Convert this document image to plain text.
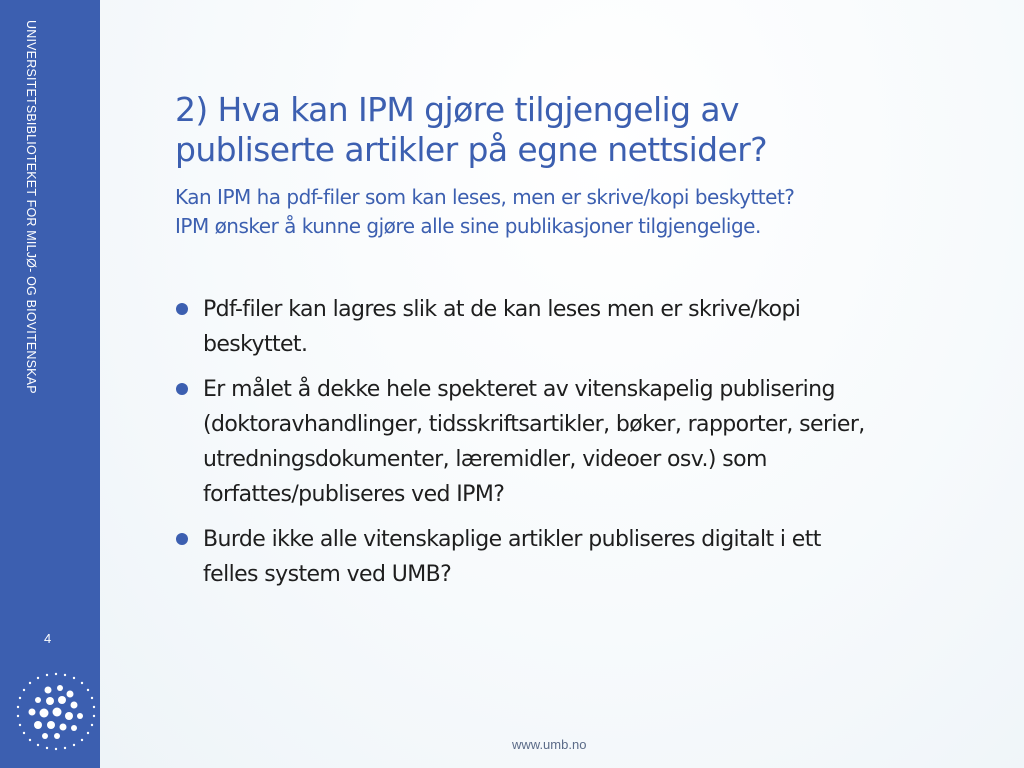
UNIVERSITETSBIBLIOTEKET FOR MILJØ- OG BIOVITENSKAP
4
2) Hva kan IPM gjøre tilgjengelig av
publiserte artikler på egne nettsider?
Kan IPM ha pdf-filer som kan leses, men er skrive/kopi beskyttet?
IPM ønsker å kunne gjøre alle sine publikasjoner tilgjengelige.
Pdf-filer kan lagres slik at de kan leses men er skrive/kopi
beskyttet.
Er målet å dekke hele spekteret av vitenskapelig publisering
(doktoravhandlinger, tidsskriftsartikler, bøker, rapporter, serier,
utredningsdokumenter, læremidler, videoer osv.) som
forfattes/publiseres ved IPM?
Burde ikke alle vitenskaplige artikler publiseres digitalt i ett
felles system ved UMB?
www.umb.no
